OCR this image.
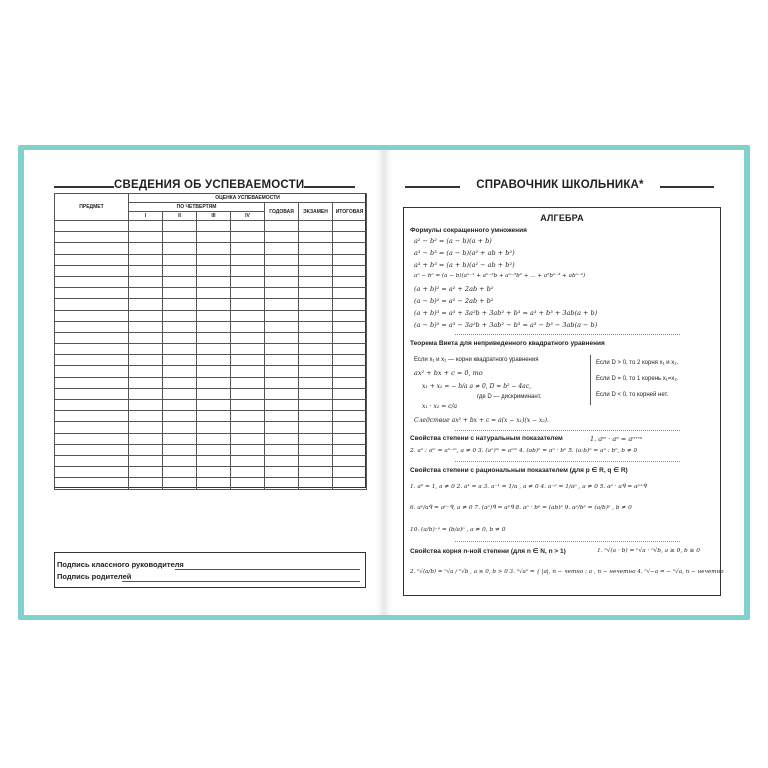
СВЕДЕНИЯ ОБ УСПЕВАЕМОСТИ
ПРЕДМЕТ	ОЦЕНКА УСПЕВАЕМОСТИ						
	ПО ЧЕТВЕРТЯМ				ГОДОВАЯ	ЭКЗАМЕН	ИТОГОВАЯ
	I	II	III	IV			

Подпись классного руководителя
Подпись родителей
СПРАВОЧНИК ШКОЛЬНИКА*
АЛГЕБРА
Формулы сокращенного умножения
a² − b² = (a − b)(a + b)
a³ − b³ = (a − b)(a² + ab + b²)
a³ + b³ = (a + b)(a² − ab + b²)
aⁿ − bⁿ = (a − b)(aⁿ⁻¹ + aⁿ⁻²b + aⁿ⁻³b² + ... + a²bⁿ⁻³ + abⁿ⁻²)
(a + b)² = a² + 2ab + b²
(a − b)² = a² − 2ab + b²
(a + b)³ = a³ + 3a²b + 3ab² + b³ = a³ + b³ + 3ab(a + b)
(a − b)³ = a³ − 3a²b + 3ab² − b³ = a³ − b³ − 3ab(a − b)
Теорема Виета для неприведенного квадратного уравнения
Если x₁ и x₂ — корни квадратного уравнения
ax² + bx + c = 0, то
x₁ + x₂ = − b/a a ≠ 0, D = b² − 4ac,
где D — дискриминант.
x₁ · x₂ = c/a
Следствие ax² + bx + c = a(x − x₁)(x − x₂).
Если D > 0, то 2 корня x₁ и x₂.
Если D = 0, то 1 корень x₁=x₂.
Если D < 0, то корней нет.
Свойства степени с натуральным показателем	1. aᵐ · aⁿ = aⁿ⁺ᵐ
2. aⁿ : aᵐ = aⁿ⁻ᵐ, a ≠ 0 3. (aⁿ)ᵐ = aⁿᵐ 4. (ab)ⁿ = aⁿ · bⁿ 5. (a:b)ⁿ = aⁿ : bⁿ, b ≠ 0
Свойства степени с рациональным показателем (для p ∈ R, q ∈ R)
1. a⁰ = 1, a ≠ 0 2. a¹ = a 3. a⁻¹ = 1/a , a ≠ 0 4. a⁻ᵖ = 1/aᵖ , a ≠ 0 5. aᵖ · aᑫ = aᵖ⁺ᑫ
6. aᵖ/aᑫ = aᵖ⁻ᑫ, a ≠ 0 7. (aᵖ)ᑫ = aᵖᑫ 8. aᵖ · bᵖ = (ab)ᵖ 9. aᵖ/bᵖ = (a/b)ᵖ , b ≠ 0
10. (a/b)⁻ᵖ = (b/a)ᵖ , a ≠ 0, b ≠ 0
Свойства корня n-ной степени (для n ∈ N, n > 1)	1. ⁿ√(a · b) = ⁿ√a · ⁿ√b, a ≥ 0, b ≥ 0
2. ⁿ√(a/b) = ⁿ√a / ⁿ√b , a ≥ 0, b > 0 3. ⁿ√aⁿ = { |a|, n − четно ; a , n − нечетно 4. ⁿ√−a = − ⁿ√a, n − нечетно
